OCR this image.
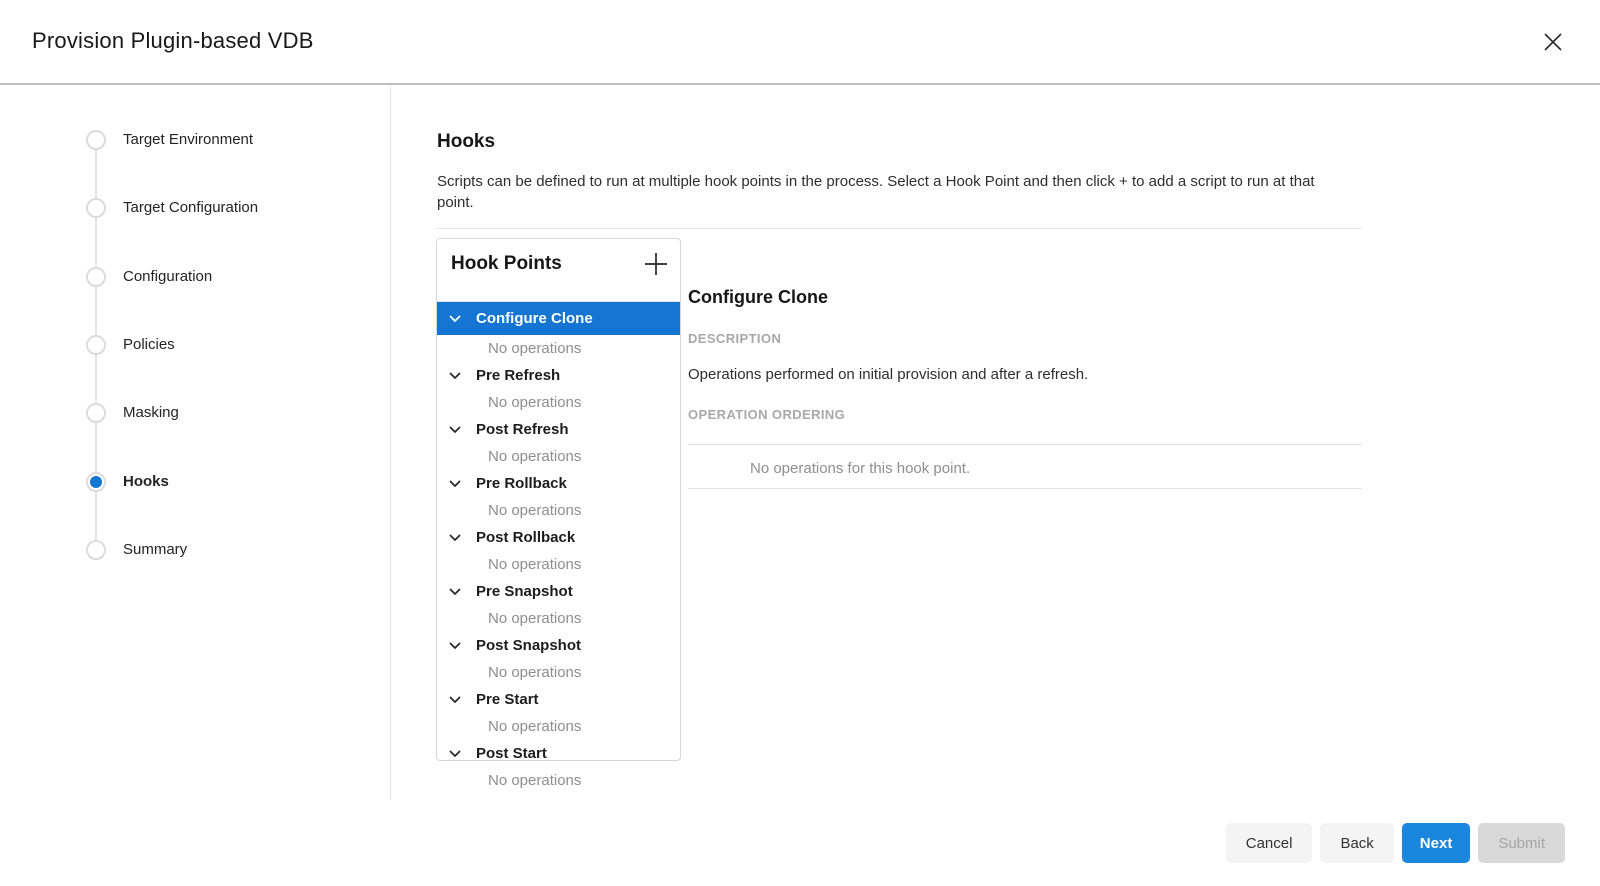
Provision Plugin-based VDB
Target Environment
Target Configuration
Configuration
Policies
Masking
Hooks
Summary
Hooks

Scripts can be defined to run at multiple hook points in the process. Select a Hook Point and then click + to add a script to run at that point.

Hook Points
Configure Clone
No operations
Pre Refresh
No operations
Post Refresh
No operations
Pre Rollback
No operations
Post Rollback
No operations
Pre Snapshot
No operations
Post Snapshot
No operations
Pre Start
No operations
Post Start
No operations
Configure Clone
DESCRIPTION

Operations performed on initial provision and after a refresh.

OPERATION ORDERING
No operations for this hook point.
Cancel	Back	Next	Submit
